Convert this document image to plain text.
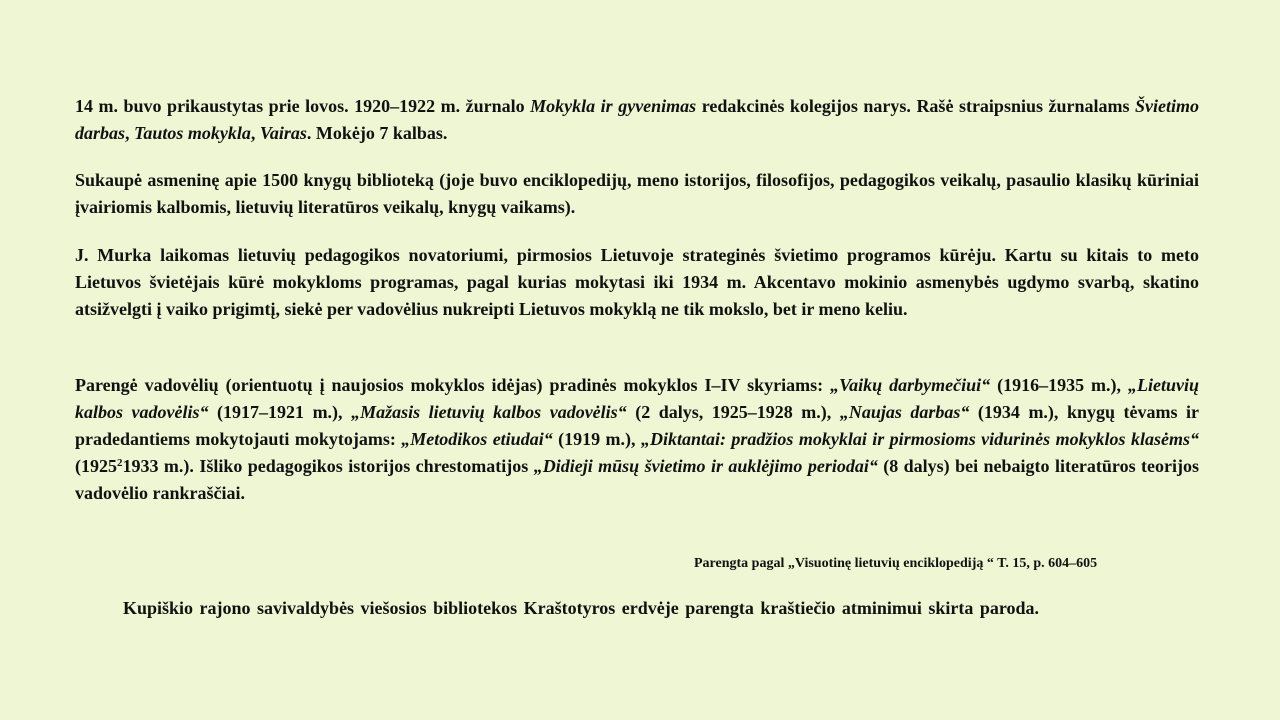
14 m. buvo prikaustytas prie lovos. 1920–1922 m. žurnalo Mokykla ir gyvenimas redakcinės kolegijos narys. Rašė straipsnius žurnalams Švietimo darbas, Tautos mokykla, Vairas. Mokėjo 7 kalbas.

Sukaupė asmeninę apie 1500 knygų biblioteką (joje buvo enciklopedijų, meno istorijos, filosofijos, pedagogikos veikalų, pasaulio klasikų kūriniai įvairiomis kalbomis, lietuvių literatūros veikalų, knygų vaikams).

J. Murka laikomas lietuvių pedagogikos novatoriumi, pirmosios Lietuvoje strateginės švietimo programos kūrėju. Kartu su kitais to meto Lietuvos švietėjais kūrė mokykloms programas, pagal kurias mokytasi iki 1934 m. Akcentavo mokinio asmenybės ugdymo svarbą, skatino atsižvelgti į vaiko prigimtį, siekė per vadovėlius nukreipti Lietuvos mokyklą ne tik mokslo, bet ir meno keliu.

Parengė vadovėlių (orientuotų į naujosios mokyklos idėjas) pradinės mokyklos I–IV skyriams: „Vaikų darbymečiui“ (1916–1935 m.), „Lietuvių kalbos vadovėlis“ (1917–1921 m.), „Mažasis lietuvių kalbos vadovėlis“ (2 dalys, 1925–1928 m.), „Naujas darbas“ (1934 m.), knygų tėvams ir pradedantiems mokytojauti mokytojams: „Metodikos etiudai“ (1919 m.), „Diktantai: pradžios mokyklai ir pirmosioms vidurinės mokyklos klasėms“ (1925$^2$1933 m.). Išliko pedagogikos istorijos chrestomatijos „Didieji mūsų švietimo ir auklėjimo periodai“ (8 dalys) bei nebaigto literatūros teorijos vadovėlio rankraščiai.

Parengta pagal „Visuotinę lietuvių enciklopediją “ T. 15, p. 604–605

Kupiškio rajono savivaldybės viešosios bibliotekos Kraštotyros erdvėje parengta kraštiečio atminimui skirta paroda.
